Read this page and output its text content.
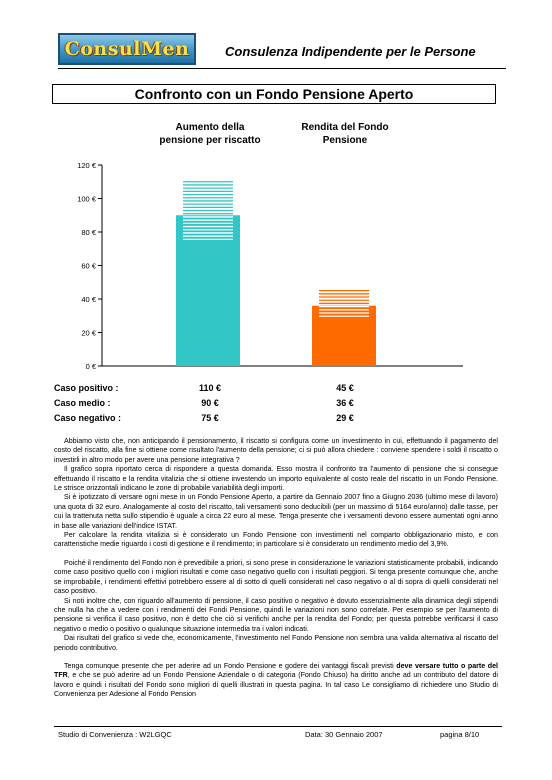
ConsulMen	Consulenza Indipendente per le Persone
Confronto con un Fondo Pensione Aperto
Aumento della pensione per riscatto
Rendita del Fondo Pensione
0 €
20 €
40 €
60 €
80 €
100 €
120 €
Caso positivo :	110 €	45 €
Caso medio :	90 €	36 €
Caso negativo :	75 €	29 €

Abbiamo visto che, non anticipando il pensionamento, il riscatto si configura come un investimento in cui, effettuando il pagamento del costo del riscatto, alla fine si ottiene come risultato l'aumento della pensione; ci si può allora chiedere : conviene spendere i soldi il riscatto o investirli in altro modo per avere una pensione integrativa ?

Il grafico sopra riportato cerca di rispondere a questa domanda. Esso mostra il confronto tra l'aumento di pensione che si consegue effettuando il riscatto e la rendita vitalizia che si ottiene investendo un importo equivalente al costo reale del riscatto in un Fondo Pensione. Le strisce orizzontali indicano le zone di probabile variabilità degli importi.

Si è ipotizzato di versare ogni mese in un Fondo Pensione Aperto, a partire da Gennaio 2007 fino a Giugno 2036 (ultimo mese di lavoro) una quota di 32 euro. Analogamente al costo del riscatto, tali versamenti sono deducibili (per un massimo di 5164 euro/anno) dalle tasse, per cui la trattenuta netta sullo stipendio è uguale a circa 22 euro al mese. Tenga presente che i versamenti devono essere aumentati ogni anno in base alle variazioni dell'indice ISTAT.

Per calcolare la rendita vitalizia si è considerato un Fondo Pensione con investimenti nel comparto obbligazionario misto, e con caratteristiche medie riguardo i costi di gestione e il rendimento; in particolare si è considerato un rendimento medio del 3,9%.

Poiché il rendimento del Fondo non è prevedibile a priori, si sono prese in considerazione le variazioni statisticamente probabili, indicando come caso positivo quello con i migliori risultati e come caso negativo quello con i risultati peggiori. Si tenga presente comunque che, anche se improbabile, i rendimenti effettivi potrebbero essere al di sotto di quelli considerati nel caso negativo o al di sopra di quelli considerati nel caso positivo.

Si noti inoltre che, con riguardo all'aumento di pensione, il caso positivo o negativo è dovuto essenzialmente alla dinamica degli stipendi che nulla ha che a vedere con i rendimenti dei Fondi Pensione, quindi le variazioni non sono correlate. Per esempio se per l'aumento di pensione si verifica il caso positivo, non è detto che ciò si verifichi anche per la rendita del Fondo; per questa potrebbe verificarsi il caso negativo o medio o positivo o qualunque situazione intermedia tra i valori indicati.

Dai risultati del grafico si vede che, economicamente, l'investimento nel Fondo Pensione non sembra una valida alternativa al riscatto del periodo contributivo.

Tenga comunque presente che per aderire ad un Fondo Pensione e godere dei vantaggi fiscali previsti deve versare tutto o parte del TFR, e che se può aderire ad un Fondo Pensione Aziendale o di categoria (Fondo Chiuso) ha diritto anche ad un contributo del datore di lavoro e quindi i risultati del Fondo sono migliori di quelli illustrati in questa pagina. In tal caso Le consigliamo di richiedere uno Studio di Convenienza per Adesione al Fondo Pension

Studio di Convenienza : W2LGQC	Data: 30 Gennaio 2007	pagina 8/10
